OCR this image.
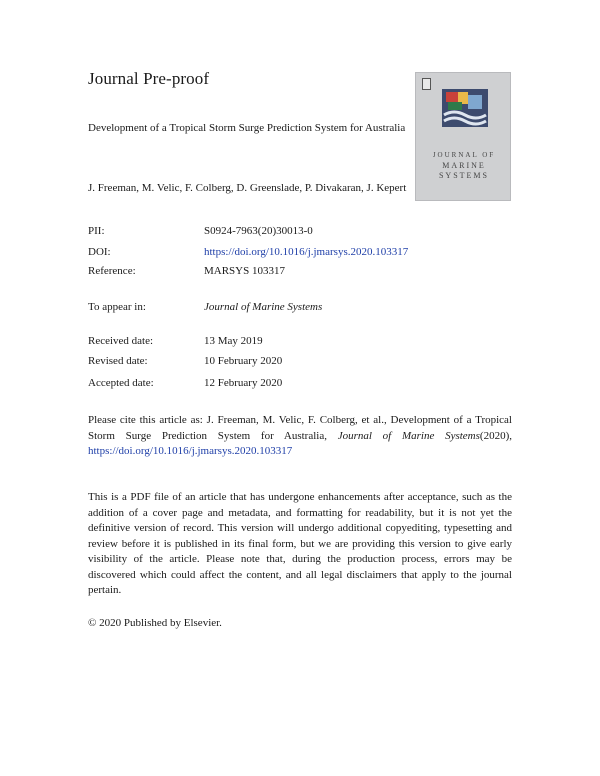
Journal Pre-proof
Development of a Tropical Storm Surge Prediction System for Australia
J. Freeman, M. Velic, F. Colberg, D. Greenslade, P. Divakaran, J. Kepert
JOURNAL OF
MARINE
SYSTEMS
PII:	S0924-7963(20)30013-0
DOI:	https://doi.org/10.1016/j.jmarsys.2020.103317
Reference:	MARSYS 103317
To appear in:	Journal of Marine Systems
Received date:	13 May 2019
Revised date:	10 February 2020
Accepted date:	12 February 2020
Please cite this article as: J. Freeman, M. Velic, F. Colberg, et al., Development of a Tropical Storm Surge Prediction System for Australia, Journal of Marine Systems(2020), https://doi.org/10.1016/j.jmarsys.2020.103317
This is a PDF file of an article that has undergone enhancements after acceptance, such as the addition of a cover page and metadata, and formatting for readability, but it is not yet the definitive version of record. This version will undergo additional copyediting, typesetting and review before it is published in its final form, but we are providing this version to give early visibility of the article. Please note that, during the production process, errors may be discovered which could affect the content, and all legal disclaimers that apply to the journal pertain.
© 2020 Published by Elsevier.
